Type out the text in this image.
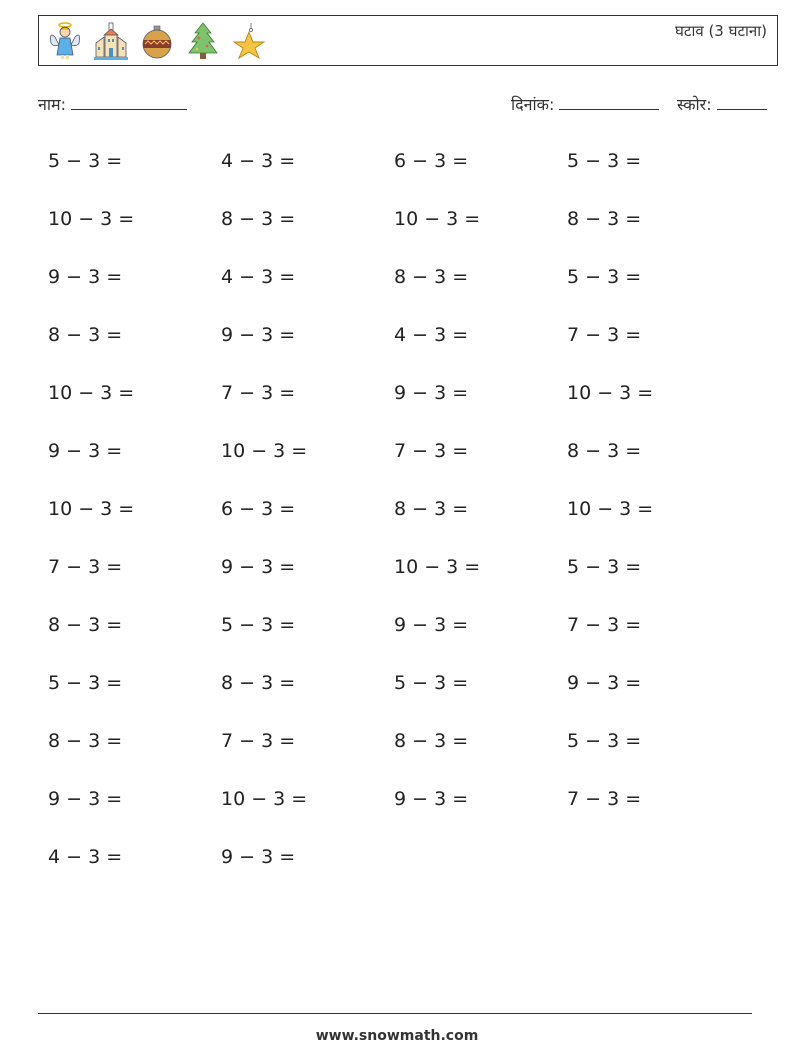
घटाव (3 घटाना)
नाम:	दिनांक:	स्कोर:
5 − 3 =	4 − 3 =	6 − 3 =	5 − 3 =
10 − 3 =	8 − 3 =	10 − 3 =	8 − 3 =
9 − 3 =	4 − 3 =	8 − 3 =	5 − 3 =
8 − 3 =	9 − 3 =	4 − 3 =	7 − 3 =
10 − 3 =	7 − 3 =	9 − 3 =	10 − 3 =
9 − 3 =	10 − 3 =	7 − 3 =	8 − 3 =
10 − 3 =	6 − 3 =	8 − 3 =	10 − 3 =
7 − 3 =	9 − 3 =	10 − 3 =	5 − 3 =
8 − 3 =	5 − 3 =	9 − 3 =	7 − 3 =
5 − 3 =	8 − 3 =	5 − 3 =	9 − 3 =
8 − 3 =	7 − 3 =	8 − 3 =	5 − 3 =
9 − 3 =	10 − 3 =	9 − 3 =	7 − 3 =
4 − 3 =	9 − 3 =
www.snowmath.com
